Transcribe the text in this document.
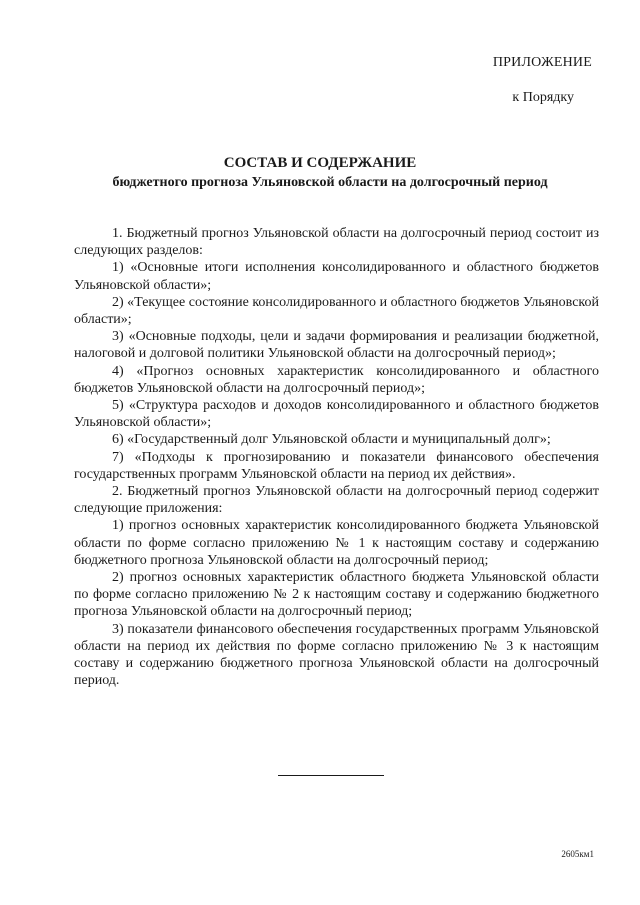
ПРИЛОЖЕНИЕ
к Порядку
СОСТАВ И СОДЕРЖАНИЕ
бюджетного прогноза Ульяновской области на долгосрочный период

1. Бюджетный прогноз Ульяновской области на долгосрочный период состоит из следующих разделов:

1) «Основные итоги исполнения консолидированного и областного бюджетов Ульяновской области»;

2) «Текущее состояние консолидированного и областного бюджетов Ульяновской области»;

3) «Основные подходы, цели и задачи формирования и реализации бюджетной, налоговой и долговой политики Ульяновской области на долгосрочный период»;

4) «Прогноз основных характеристик консолидированного и областного бюджетов Ульяновской области на долгосрочный период»;

5) «Структура расходов и доходов консолидированного и областного бюджетов Ульяновской области»;

6) «Государственный долг Ульяновской области и муниципальный долг»;

7) «Подходы к прогнозированию и показатели финансового обеспечения государственных программ Ульяновской области на период их действия».

2. Бюджетный прогноз Ульяновской области на долгосрочный период содержит следующие приложения:

1) прогноз основных характеристик консолидированного бюджета Ульяновской области по форме согласно приложению № 1 к настоящим составу и содержанию бюджетного прогноза Ульяновской области на долгосрочный период;

2) прогноз основных характеристик областного бюджета Ульяновской области по форме согласно приложению № 2 к настоящим составу и содержанию бюджетного прогноза Ульяновской области на долгосрочный период;

3) показатели финансового обеспечения государственных программ Ульяновской области на период их действия по форме согласно приложению № 3 к настоящим составу и содержанию бюджетного прогноза Ульяновской области на долгосрочный период.

2605км1
